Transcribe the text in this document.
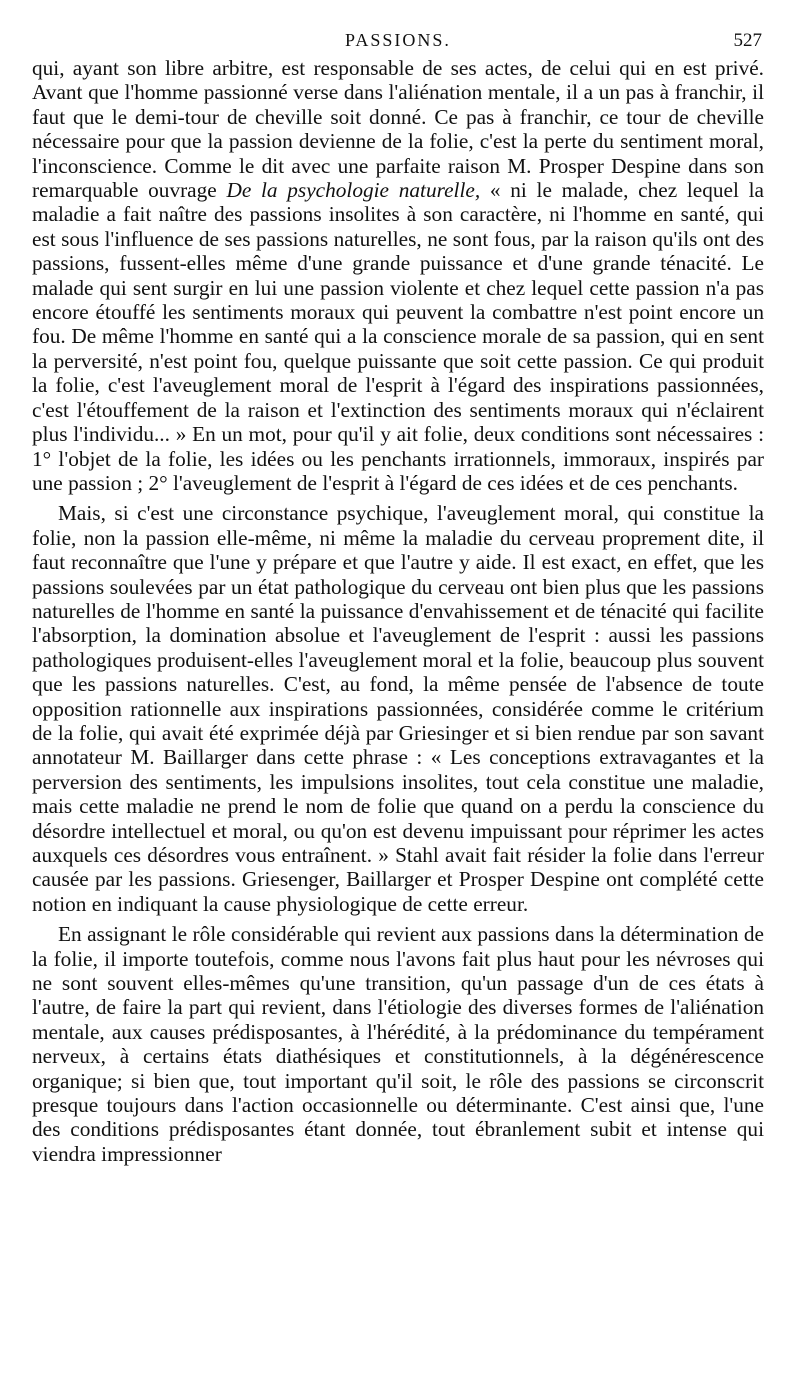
PASSIONS.	527

qui, ayant son libre arbitre, est responsable de ses actes, de celui qui en est privé. Avant que l'homme passionné verse dans l'aliénation mentale, il a un pas à franchir, il faut que le demi-tour de cheville soit donné. Ce pas à franchir, ce tour de cheville nécessaire pour que la passion devienne de la folie, c'est la perte du sentiment moral, l'inconscience. Comme le dit avec une parfaite raison M. Prosper Despine dans son remarquable ouvrage De la psychologie naturelle, « ni le malade, chez lequel la maladie a fait naître des passions insolites à son caractère, ni l'homme en santé, qui est sous l'influence de ses passions naturelles, ne sont fous, par la raison qu'ils ont des passions, fussent-elles même d'une grande puissance et d'une grande ténacité. Le malade qui sent surgir en lui une passion violente et chez lequel cette passion n'a pas encore étouffé les sentiments moraux qui peuvent la combattre n'est point encore un fou. De même l'homme en santé qui a la conscience morale de sa passion, qui en sent la perversité, n'est point fou, quelque puissante que soit cette passion. Ce qui produit la folie, c'est l'aveuglement moral de l'esprit à l'égard des inspirations passionnées, c'est l'étouffement de la raison et l'extinction des sentiments moraux qui n'éclairent plus l'individu... » En un mot, pour qu'il y ait folie, deux conditions sont nécessaires : 1° l'objet de la folie, les idées ou les penchants irrationnels, immoraux, inspirés par une passion ; 2° l'aveuglement de l'esprit à l'égard de ces idées et de ces penchants.

Mais, si c'est une circonstance psychique, l'aveuglement moral, qui constitue la folie, non la passion elle-même, ni même la maladie du cerveau proprement dite, il faut reconnaître que l'une y prépare et que l'autre y aide. Il est exact, en effet, que les passions soulevées par un état pathologique du cerveau ont bien plus que les passions naturelles de l'homme en santé la puissance d'envahissement et de ténacité qui facilite l'absorption, la domination absolue et l'aveuglement de l'esprit : aussi les passions pathologiques produisent-elles l'aveuglement moral et la folie, beaucoup plus souvent que les passions naturelles. C'est, au fond, la même pensée de l'absence de toute opposition rationnelle aux inspirations passionnées, considérée comme le critérium de la folie, qui avait été exprimée déjà par Griesinger et si bien rendue par son savant annotateur M. Baillarger dans cette phrase : « Les conceptions extravagantes et la perversion des sentiments, les impulsions insolites, tout cela constitue une maladie, mais cette maladie ne prend le nom de folie que quand on a perdu la conscience du désordre intellectuel et moral, ou qu'on est devenu impuissant pour réprimer les actes auxquels ces désordres vous entraînent. » Stahl avait fait résider la folie dans l'erreur causée par les passions. Griesenger, Baillarger et Prosper Despine ont complété cette notion en indiquant la cause physiologique de cette erreur.

En assignant le rôle considérable qui revient aux passions dans la détermination de la folie, il importe toutefois, comme nous l'avons fait plus haut pour les névroses qui ne sont souvent elles-mêmes qu'une transition, qu'un passage d'un de ces états à l'autre, de faire la part qui revient, dans l'étiologie des diverses formes de l'aliénation mentale, aux causes prédisposantes, à l'hérédité, à la prédominance du tempérament nerveux, à certains états diathésiques et constitutionnels, à la dégénérescence organique; si bien que, tout important qu'il soit, le rôle des passions se circonscrit presque toujours dans l'action occasionnelle ou déterminante. C'est ainsi que, l'une des conditions prédisposantes étant donnée, tout ébranlement subit et intense qui viendra impressionner
